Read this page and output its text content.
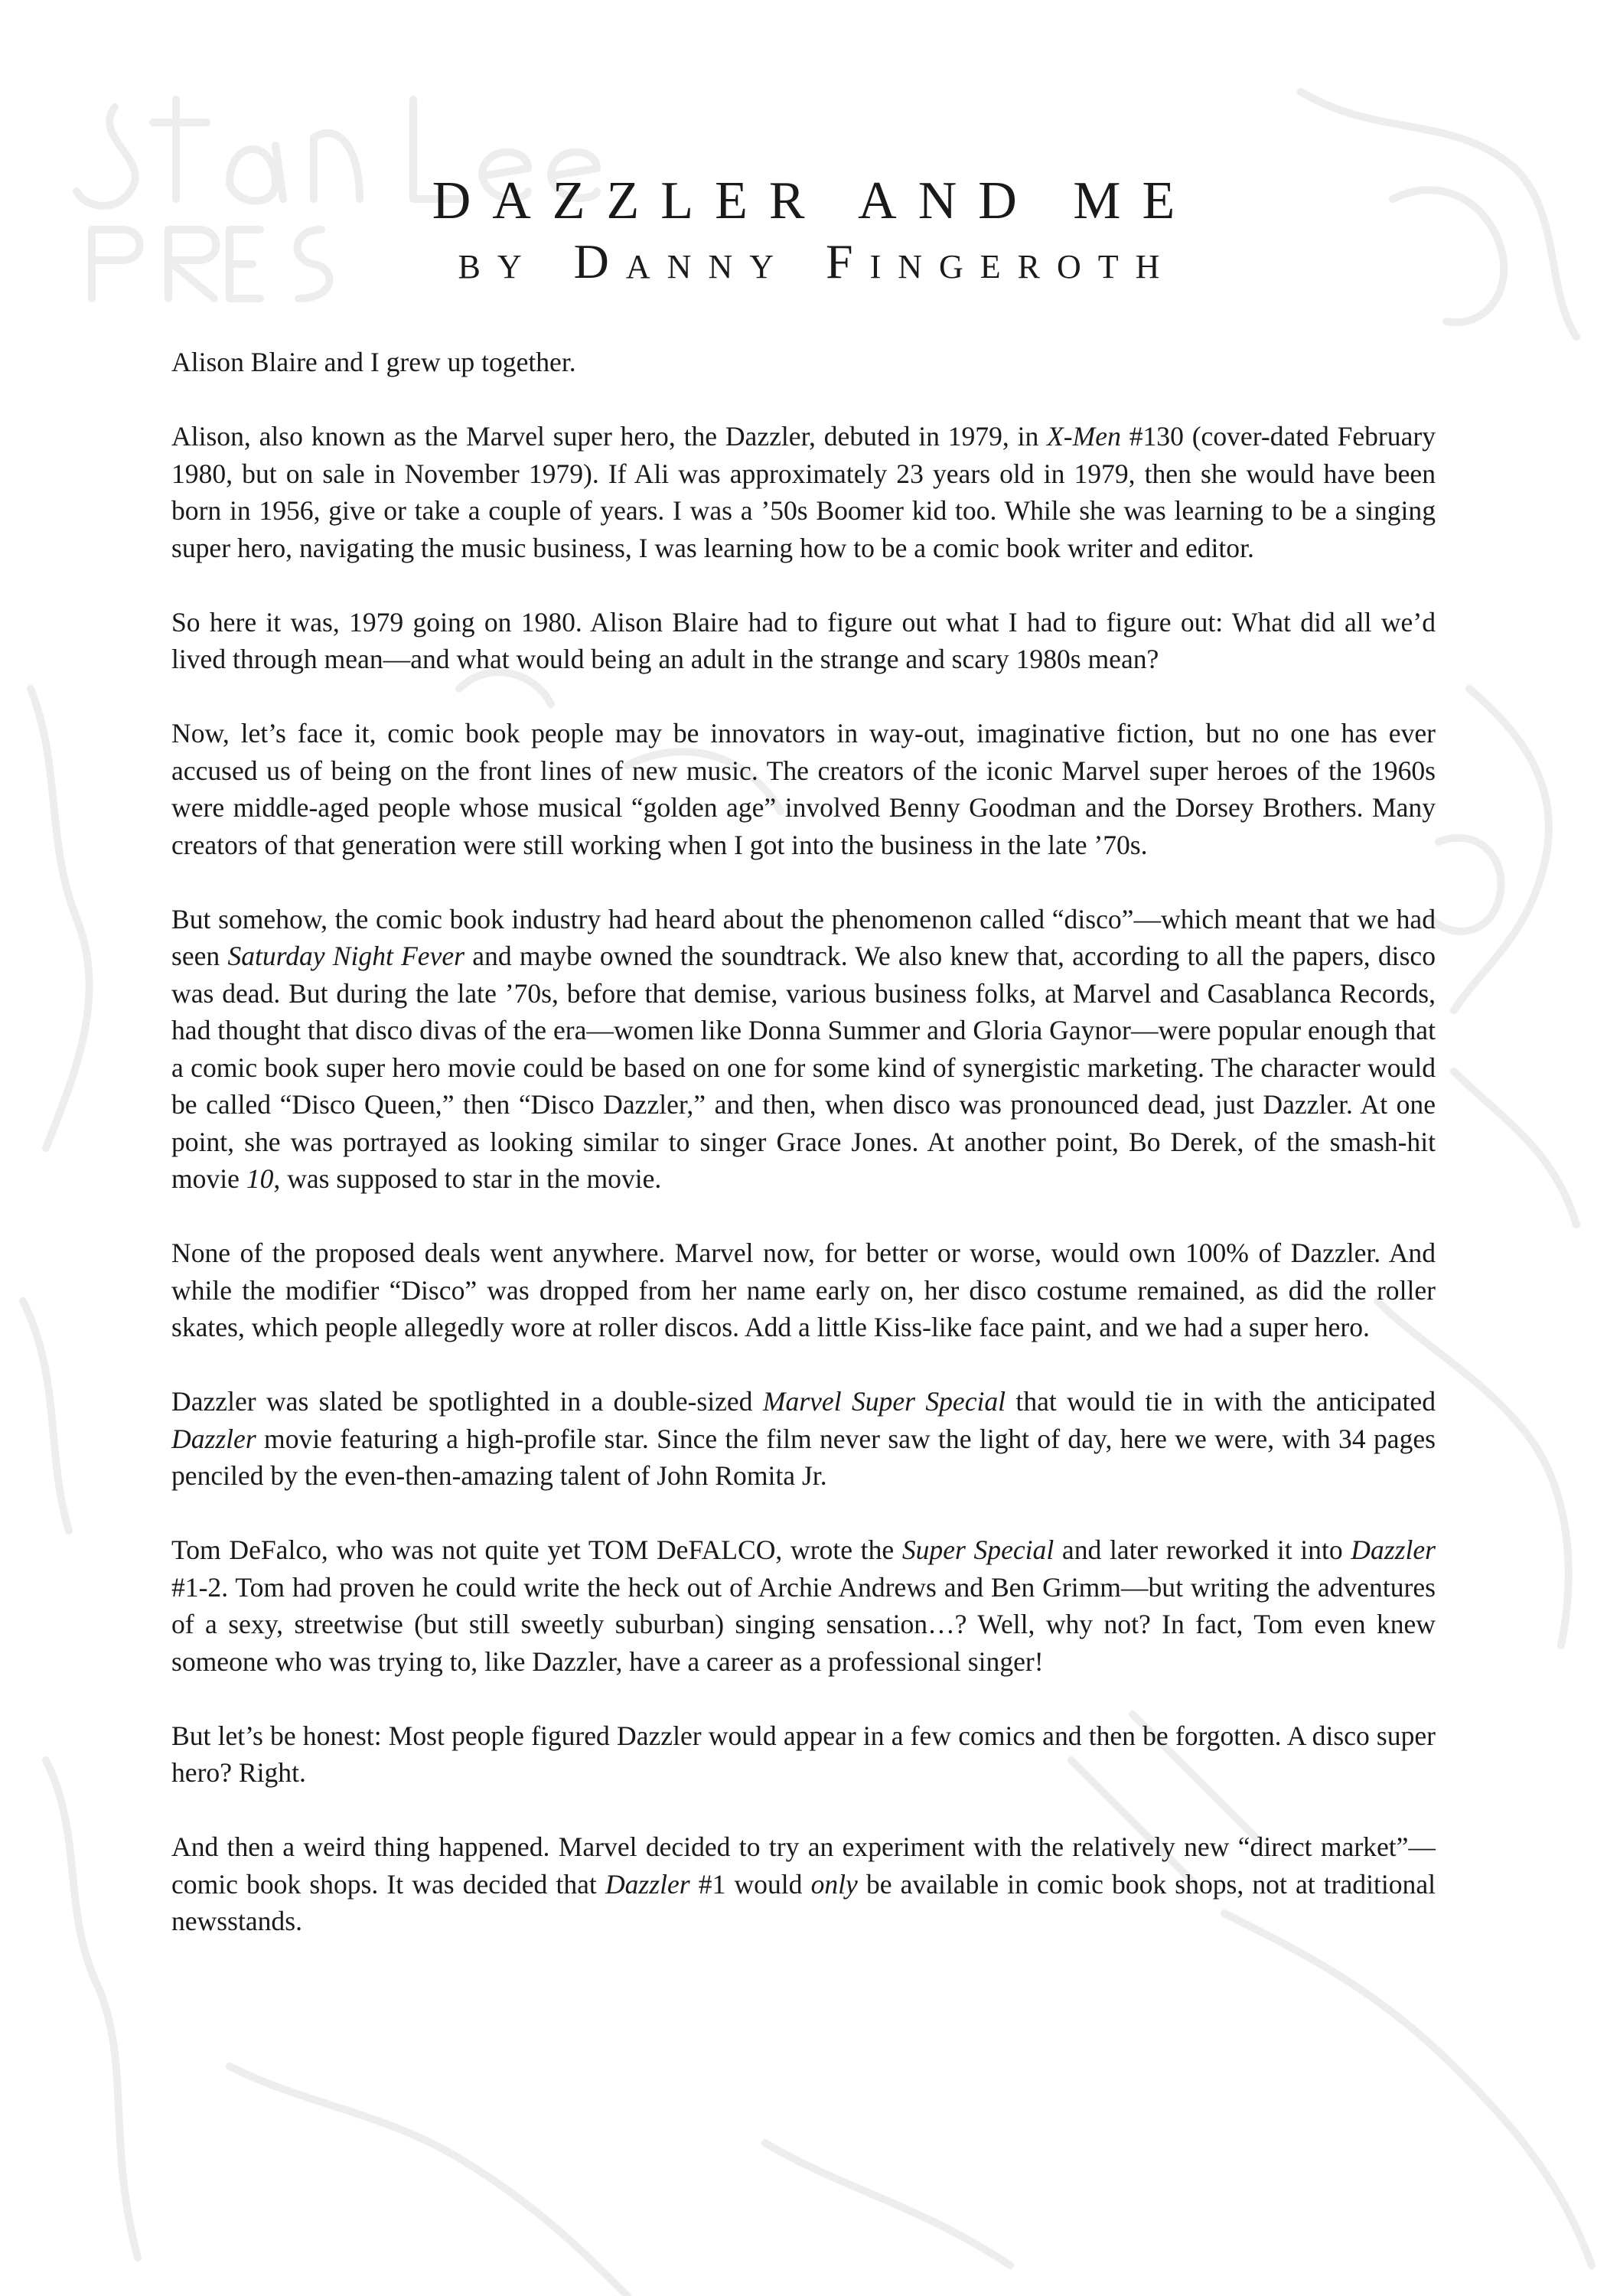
DAZZLER AND ME
BY DANNY FINGEROTH

Alison Blaire and I grew up together.

Alison, also known as the Marvel super hero, the Dazzler, debuted in 1979, in X-Men #130 (cover-dated February 1980, but on sale in November 1979). If Ali was approximately 23 years old in 1979, then she would have been born in 1956, give or take a couple of years. I was a ’50s Boomer kid too. While she was learning to be a singing super hero, navigating the music business, I was learning how to be a comic book writer and editor.

So here it was, 1979 going on 1980. Alison Blaire had to figure out what I had to figure out: What did all we’d lived through mean—and what would being an adult in the strange and scary 1980s mean?

Now, let’s face it, comic book people may be innovators in way-out, imaginative fiction, but no one has ever accused us of being on the front lines of new music. The creators of the iconic Marvel super heroes of the 1960s were middle-aged people whose musical “golden age” involved Benny Goodman and the Dorsey Brothers. Many creators of that generation were still working when I got into the business in the late ’70s.

But somehow, the comic book industry had heard about the phenomenon called “disco”—which meant that we had seen Saturday Night Fever and maybe owned the soundtrack. We also knew that, according to all the papers, disco was dead. But during the late ’70s, before that demise, various business folks, at Marvel and Casablanca Records, had thought that disco divas of the era—women like Donna Summer and Gloria Gaynor—were popular enough that a comic book super hero movie could be based on one for some kind of synergistic marketing. The character would be called “Disco Queen,” then “Disco Dazzler,” and then, when disco was pronounced dead, just Dazzler. At one point, she was portrayed as looking similar to singer Grace Jones. At another point, Bo Derek, of the smash-hit movie 10, was supposed to star in the movie.

None of the proposed deals went anywhere. Marvel now, for better or worse, would own 100% of Dazzler. And while the modifier “Disco” was dropped from her name early on, her disco costume remained, as did the roller skates, which people allegedly wore at roller discos. Add a little Kiss-like face paint, and we had a super hero.

Dazzler was slated be spotlighted in a double-sized Marvel Super Special that would tie in with the anticipated Dazzler movie featuring a high-profile star. Since the film never saw the light of day, here we were, with 34 pages penciled by the even-then-amazing talent of John Romita Jr.

Tom DeFalco, who was not quite yet TOM DeFALCO, wrote the Super Special and later reworked it into Dazzler #1-2. Tom had proven he could write the heck out of Archie Andrews and Ben Grimm—but writing the adventures of a sexy, streetwise (but still sweetly suburban) singing sensation…? Well, why not? In fact, Tom even knew someone who was trying to, like Dazzler, have a career as a professional singer!

But let’s be honest: Most people figured Dazzler would appear in a few comics and then be forgotten. A disco super hero? Right.

And then a weird thing happened. Marvel decided to try an experiment with the relatively new “direct market”—comic book shops. It was decided that Dazzler #1 would only be available in comic book shops, not at traditional newsstands.
